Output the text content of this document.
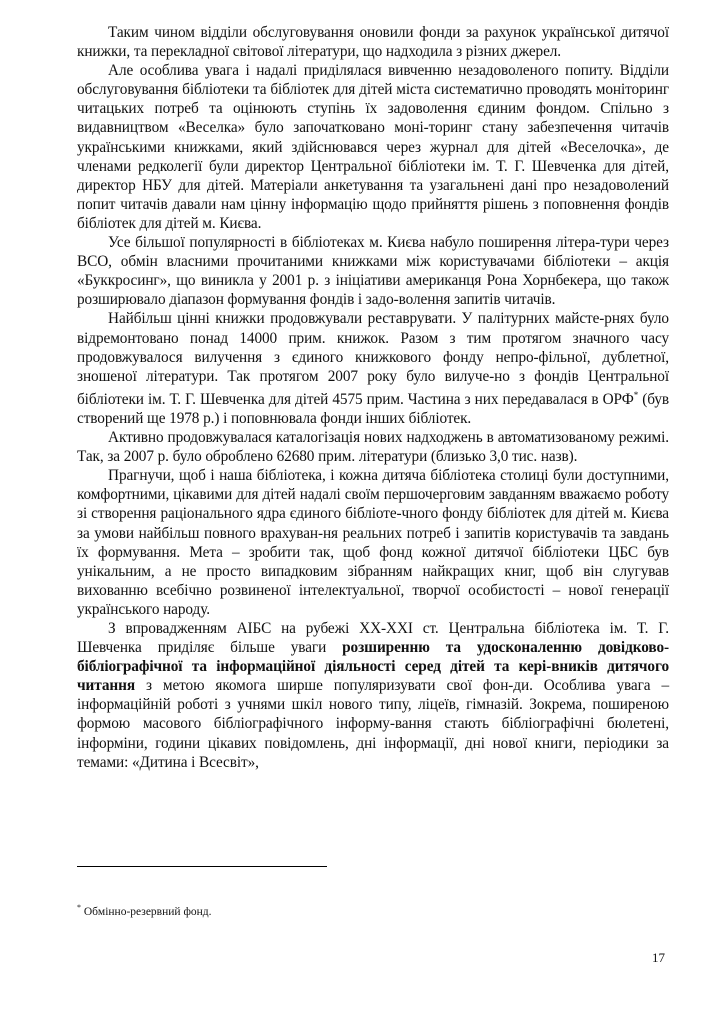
Таким чином відділи обслуговування оновили фонди за рахунок української дитячої книжки, та перекладної світової літератури, що надходила з різних джерел.

Але особлива увага і надалі приділялася вивченню незадоволеного попиту. Відділи обслуговування бібліотеки та бібліотек для дітей міста систематично проводять моніторинг читацьких потреб та оцінюють ступінь їх задоволення єдиним фондом. Спільно з видавництвом «Веселка» було започатковано моні-торинг стану забезпечення читачів українськими книжками, який здійснювався через журнал для дітей «Веселочка», де членами редколегії були директор Центральної бібліотеки ім. Т. Г. Шевченка для дітей, директор НБУ для дітей. Матеріали анкетування та узагальнені дані про незадоволений попит читачів давали нам цінну інформацію щодо прийняття рішень з поповнення фондів бібліотек для дітей м. Києва.

Усе більшої популярності в бібліотеках м. Києва набуло поширення літера-тури через ВСО, обмін власними прочитаними книжками між користувачами бібліотеки – акція «Буккросинг», що виникла у 2001 р. з ініціативи американця Рона Хорнбекера, що також розширювало діапазон формування фондів і задо-волення запитів читачів.

Найбільш цінні книжки продовжували реставрувати. У палітурних майсте-рнях було відремонтовано понад 14000 прим. книжок. Разом з тим протягом значного часу продовжувалося вилучення з єдиного книжкового фонду непро-фільної, дублетної, зношеної літератури. Так протягом 2007 року було вилуче-но з фондів Центральної бібліотеки ім. Т. Г. Шевченка для дітей 4575 прим. Частина з них передавалася в ОРФ* (був створений ще 1978 р.) і поповнювала фонди інших бібліотек.

Активно продовжувалася каталогізація нових надходжень в автоматизованому режимі. Так, за 2007 р. було оброблено 62680 прим. літератури (близько 3,0 тис. назв).

Прагнучи, щоб і наша бібліотека, і кожна дитяча бібліотека столиці були доступними, комфортними, цікавими для дітей надалі своїм першочерговим завданням вважаємо роботу зі створення раціонального ядра єдиного бібліоте-чного фонду бібліотек для дітей м. Києва за умови найбільш повного врахуван-ня реальних потреб і запитів користувачів та завдань їх формування. Мета – зробити так, щоб фонд кожної дитячої бібліотеки ЦБС був унікальним, а не просто випадковим зібранням найкращих книг, щоб він слугував вихованню всебічно розвиненої інтелектуальної, творчої особистості – нової генерації українського народу.

З впровадженням АІБС на рубежі ХХ-ХХІ ст. Центральна бібліотека ім. Т. Г. Шевченка приділяє більше уваги розширенню та удосконаленню довідково-бібліографічної та інформаційної діяльності серед дітей та кері-вників дитячого читання з метою якомога ширше популяризувати свої фон-ди. Особлива увага – інформаційній роботі з учнями шкіл нового типу, ліцеїв, гімназій. Зокрема, поширеною формою масового бібліографічного інформу-вання стають бібліографічні бюлетені, інформіни, години цікавих повідомлень, дні інформації, дні нової книги, періодики за темами: «Дитина і Всесвіт»,

* Обмінно-резервний фонд.
17
